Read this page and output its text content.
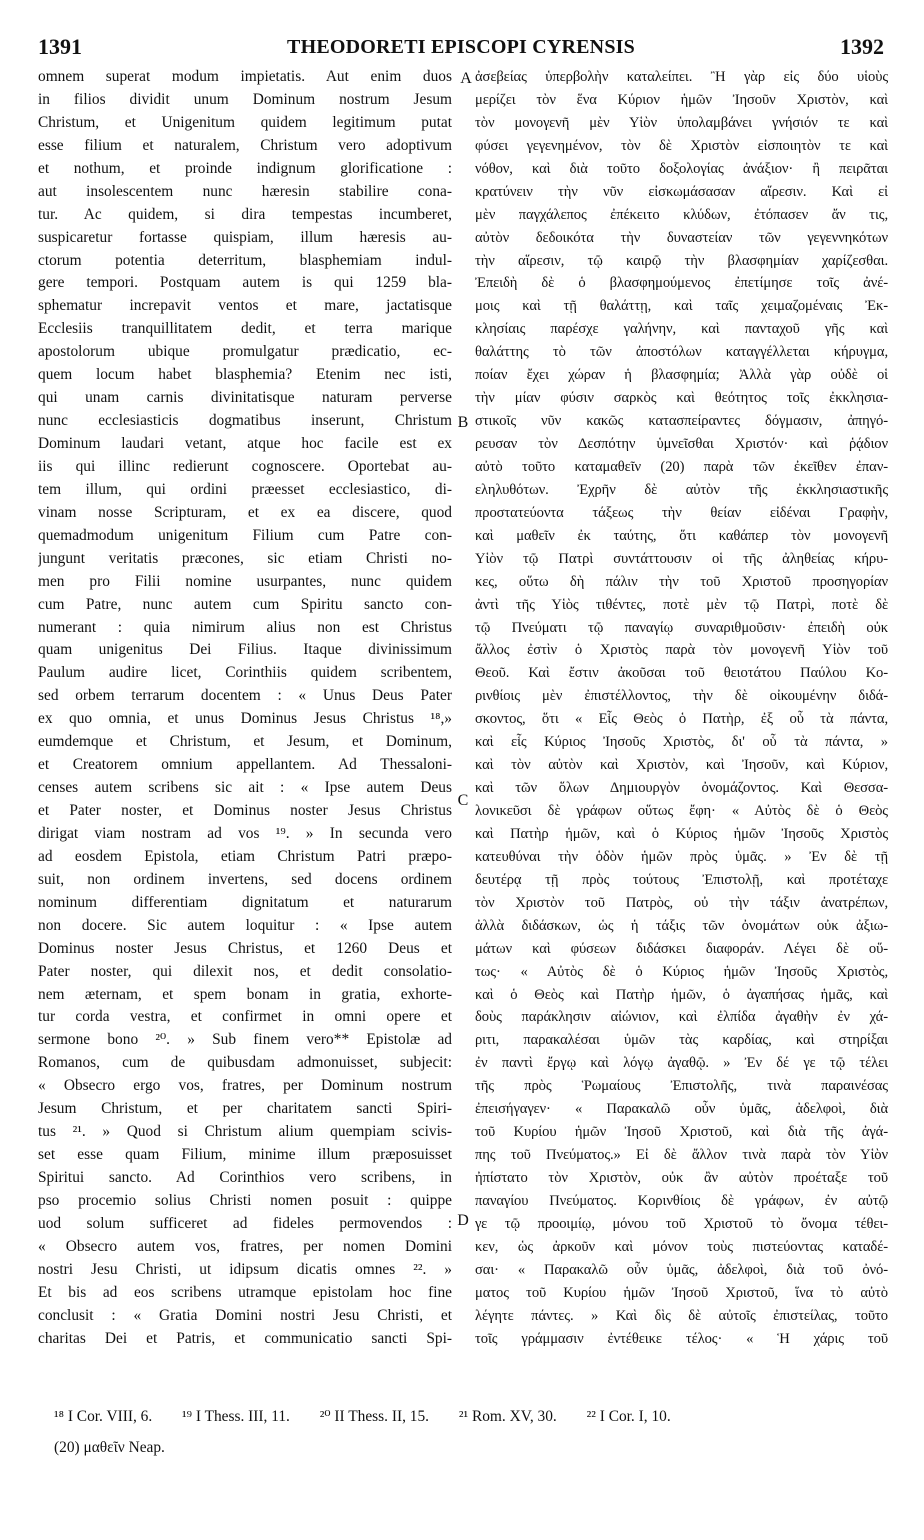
1391	THEODORETI EPISCOPI CYRENSIS	1392
omnem superat modum impietatis. Aut enim duos
in filios dividit unum Dominum nostrum Jesum
Christum, et Unigenitum quidem legitimum putat
esse filium et naturalem, Christum vero adoptivum
et nothum, et proinde indignum glorificatione :
aut insolescentem nunc hæresin stabilire cona-
tur. Ac quidem, si dira tempestas incumberet,
suspicaretur fortasse quispiam, illum hæresis au-
ctorum potentia deterritum, blasphemiam indul-
gere tempori. Postquam autem is qui 1259 bla-
sphematur increpavit ventos et mare, jactatisque
Ecclesiis tranquillitatem dedit, et terra marique
apostolorum ubique promulgatur prædicatio, ec-
quem locum habet blasphemia? Etenim nec isti,
qui unam carnis divinitatisque naturam perverse
nunc ecclesiasticis dogmatibus inserunt, Christum
Dominum laudari vetant, atque hoc facile est ex
iis qui illinc redierunt cognoscere. Oportebat au-
tem illum, qui ordini præesset ecclesiastico, di-
vinam nosse Scripturam, et ex ea discere, quod
quemadmodum unigenitum Filium cum Patre con-
jungunt veritatis præcones, sic etiam Christi no-
men pro Filii nomine usurpantes, nunc quidem
cum Patre, nunc autem cum Spiritu sancto con-
numerant : quia nimirum alius non est Christus
quam unigenitus Dei Filius. Itaque divinissimum
Paulum audire licet, Corinthiis quidem scribentem,
sed orbem terrarum docentem : « Unus Deus Pater
ex quo omnia, et unus Dominus Jesus Christus ¹⁸,»
eumdemque et Christum, et Jesum, et Dominum,
et Creatorem omnium appellantem. Ad Thessaloni-
censes autem scribens sic ait : « Ipse autem Deus
et Pater noster, et Dominus noster Jesus Christus
dirigat viam nostram ad vos ¹⁹. » In secunda vero
ad eosdem Epistola, etiam Christum Patri præpo-
suit, non ordinem invertens, sed docens ordinem
nominum differentiam dignitatum et naturarum
non docere. Sic autem loquitur : « Ipse autem
Dominus noster Jesus Christus, et 1260 Deus et
Pater noster, qui dilexit nos, et dedit consolatio-
nem æternam, et spem bonam in gratia, exhorte-
tur corda vestra, et confirmet in omni opere et
sermone bono ²⁰. » Sub finem vero** Epistolæ ad
Romanos, cum de quibusdam admonuisset, subjecit:
« Obsecro ergo vos, fratres, per Dominum nostrum
Jesum Christum, et per charitatem sancti Spiri-
tus ²¹. » Quod si Christum alium quempiam scivis-
set esse quam Filium, minime illum præposuisset
Spiritui sancto. Ad Corinthios vero scribens, in
pso procemio solius Christi nomen posuit : quippe
uod solum sufficeret ad fideles permovendos :
« Obsecro autem vos, fratres, per nomen Domini
nostri Jesu Christi, ut idipsum dicatis omnes ²². »
Et bis ad eos scribens utramque epistolam hoc fine
conclusit : « Gratia Domini nostri Jesu Christi, et
charitas Dei et Patris, et communicatio sancti Spi-
ἀσεβείας ὑπερβολὴν καταλείπει. Ἢ γὰρ εἰς δύο υἱοὺς
μερίζει τὸν ἕνα Κύριον ἡμῶν Ἰησοῦν Χριστὸν, καὶ
τὸν μονογενῆ μὲν Υἱὸν ὑπολαμβάνει γνήσιόν τε καὶ
φύσει γεγενημένον, τὸν δὲ Χριστὸν εἰσποιητὸν τε καὶ
νόθον, καὶ διὰ τοῦτο δοξολογίας ἀνάξιον· ἢ πειρᾶται
κρατύνειν τὴν νῦν εἰσκωμάσασαν αἵρεσιν. Καὶ εἰ
μὲν παγχάλεπος ἐπέκειτο κλύδων, ἐτόπασεν ἄν τις,
αὐτὸν δεδοικότα τὴν δυναστείαν τῶν γεγεννηκότων
τὴν αἵρεσιν, τῷ καιρῷ τὴν βλασφημίαν χαρίζεσθαι.
Ἐπειδὴ δὲ ὁ βλασφημούμενος ἐπετίμησε τοῖς ἀνέ-
μοις καὶ τῇ θαλάττῃ, καὶ ταῖς χειμαζομέναις Ἐκ-
κλησίαις παρέσχε γαλήνην, καὶ πανταχοῦ γῆς καὶ
θαλάττης τὸ τῶν ἀποστόλων καταγγέλλεται κήρυγμα,
ποίαν ἔχει χώραν ἡ βλασφημία; Ἀλλὰ γὰρ οὐδὲ οἱ
τὴν μίαν φύσιν σαρκὸς καὶ θεότητος τοῖς ἐκκλησια-
στικοῖς νῦν κακῶς κατασπείραντες δόγμασιν, ἀπηγό-
ρευσαν τὸν Δεσπότην ὑμνεῖσθαι Χριστόν· καὶ ῥᾴδιον
αὐτὸ τοῦτο καταμαθεῖν (20) παρὰ τῶν ἐκεῖθεν ἐπαν-
εληλυθότων. Ἐχρῆν δὲ αὐτὸν τῆς ἐκκλησιαστικῆς
προστατεύοντα τάξεως τὴν θείαν εἰδέναι Γραφὴν,
καὶ μαθεῖν ἐκ ταύτης, ὅτι καθάπερ τὸν μονογενῆ
Υἱὸν τῷ Πατρὶ συντάττουσιν οἱ τῆς ἀληθείας κήρυ-
κες, οὕτω δὴ πάλιν τὴν τοῦ Χριστοῦ προσηγορίαν
ἀντὶ τῆς Υἱὸς τιθέντες, ποτὲ μὲν τῷ Πατρὶ, ποτὲ δὲ
τῷ Πνεύματι τῷ παναγίῳ συναριθμοῦσιν· ἐπειδὴ οὐκ
ἄλλος ἐστὶν ὁ Χριστὸς παρὰ τὸν μονογενῆ Υἱὸν τοῦ
Θεοῦ. Καὶ ἔστιν ἀκοῦσαι τοῦ θειοτάτου Παύλου Κο-
ρινθίοις μὲν ἐπιστέλλοντος, τὴν δὲ οἰκουμένην διδά-
σκοντος, ὅτι « Εἷς Θεὸς ὁ Πατὴρ, ἐξ οὗ τὰ πάντα,
καὶ εἷς Κύριος Ἰησοῦς Χριστὸς, δι' οὗ τὰ πάντα, »
καὶ τὸν αὐτὸν καὶ Χριστὸν, καὶ Ἰησοῦν, καὶ Κύριον,
καὶ τῶν ὅλων Δημιουργὸν ὀνομάζοντος. Καὶ Θεσσα-
λονικεῦσι δὲ γράφων οὕτως ἔφη· « Αὐτὸς δὲ ὁ Θεὸς
καὶ Πατὴρ ἡμῶν, καὶ ὁ Κύριος ἡμῶν Ἰησοῦς Χριστὸς
κατευθύναι τὴν ὁδὸν ἡμῶν πρὸς ὑμᾶς. » Ἐν δὲ τῇ
δευτέρᾳ τῇ πρὸς τούτους Ἐπιστολῇ, καὶ προτέταχε
τὸν Χριστὸν τοῦ Πατρὸς, οὐ τὴν τάξιν ἀνατρέπων,
ἀλλὰ διδάσκων, ὡς ἡ τάξις τῶν ὀνομάτων οὐκ ἀξιω-
μάτων καὶ φύσεων διδάσκει διαφοράν. Λέγει δὲ οὕ-
τως· « Αὐτὸς δὲ ὁ Κύριος ἡμῶν Ἰησοῦς Χριστὸς,
καὶ ὁ Θεὸς καὶ Πατὴρ ἡμῶν, ὁ ἀγαπήσας ἡμᾶς, καὶ
δοὺς παράκλησιν αἰώνιον, καὶ ἐλπίδα ἀγαθὴν ἐν χά-
ριτι, παρακαλέσαι ὑμῶν τὰς καρδίας, καὶ στηρίξαι
ἐν παντὶ ἔργῳ καὶ λόγῳ ἀγαθῷ. » Ἐν δέ γε τῷ τέλει
τῆς πρὸς Ῥωμαίους Ἐπιστολῆς, τινὰ παραινέσας
ἐπεισήγαγεν· « Παρακαλῶ οὖν ὑμᾶς, ἀδελφοὶ, διὰ
τοῦ Κυρίου ἡμῶν Ἰησοῦ Χριστοῦ, καὶ διὰ τῆς ἀγά-
πης τοῦ Πνεύματος.» Εἰ δὲ ἄλλον τινὰ παρὰ τὸν Υἱὸν
ἠπίστατο τὸν Χριστὸν, οὐκ ἂν αὐτὸν προέταξε τοῦ
παναγίου Πνεύματος. Κορινθίοις δὲ γράφων, ἐν αὐτῷ
γε τῷ προοιμίῳ, μόνου τοῦ Χριστοῦ τὸ ὄνομα τέθει-
κεν, ὡς ἀρκοῦν καὶ μόνον τοὺς πιστεύοντας καταδέ-
σαι· « Παρακαλῶ οὖν ὑμᾶς, ἀδελφοὶ, διὰ τοῦ ὀνό-
ματος τοῦ Κυρίου ἡμῶν Ἰησοῦ Χριστοῦ, ἵνα τὸ αὐτὸ
λέγητε πάντες. » Καὶ δὶς δὲ αὐτοῖς ἐπιστείλας, τοῦτο
τοῖς γράμμασιν ἐντέθεικε τέλος· « Ἡ χάρις τοῦ
A
B
C
D
¹⁸ I Cor. VIII, 6. ¹⁹ I Thess. III, 11. ²⁰ II Thess. II, 15. ²¹ Rom. XV, 30. ²² I Cor. I, 10.
(20) μαθεῖν Neap.
